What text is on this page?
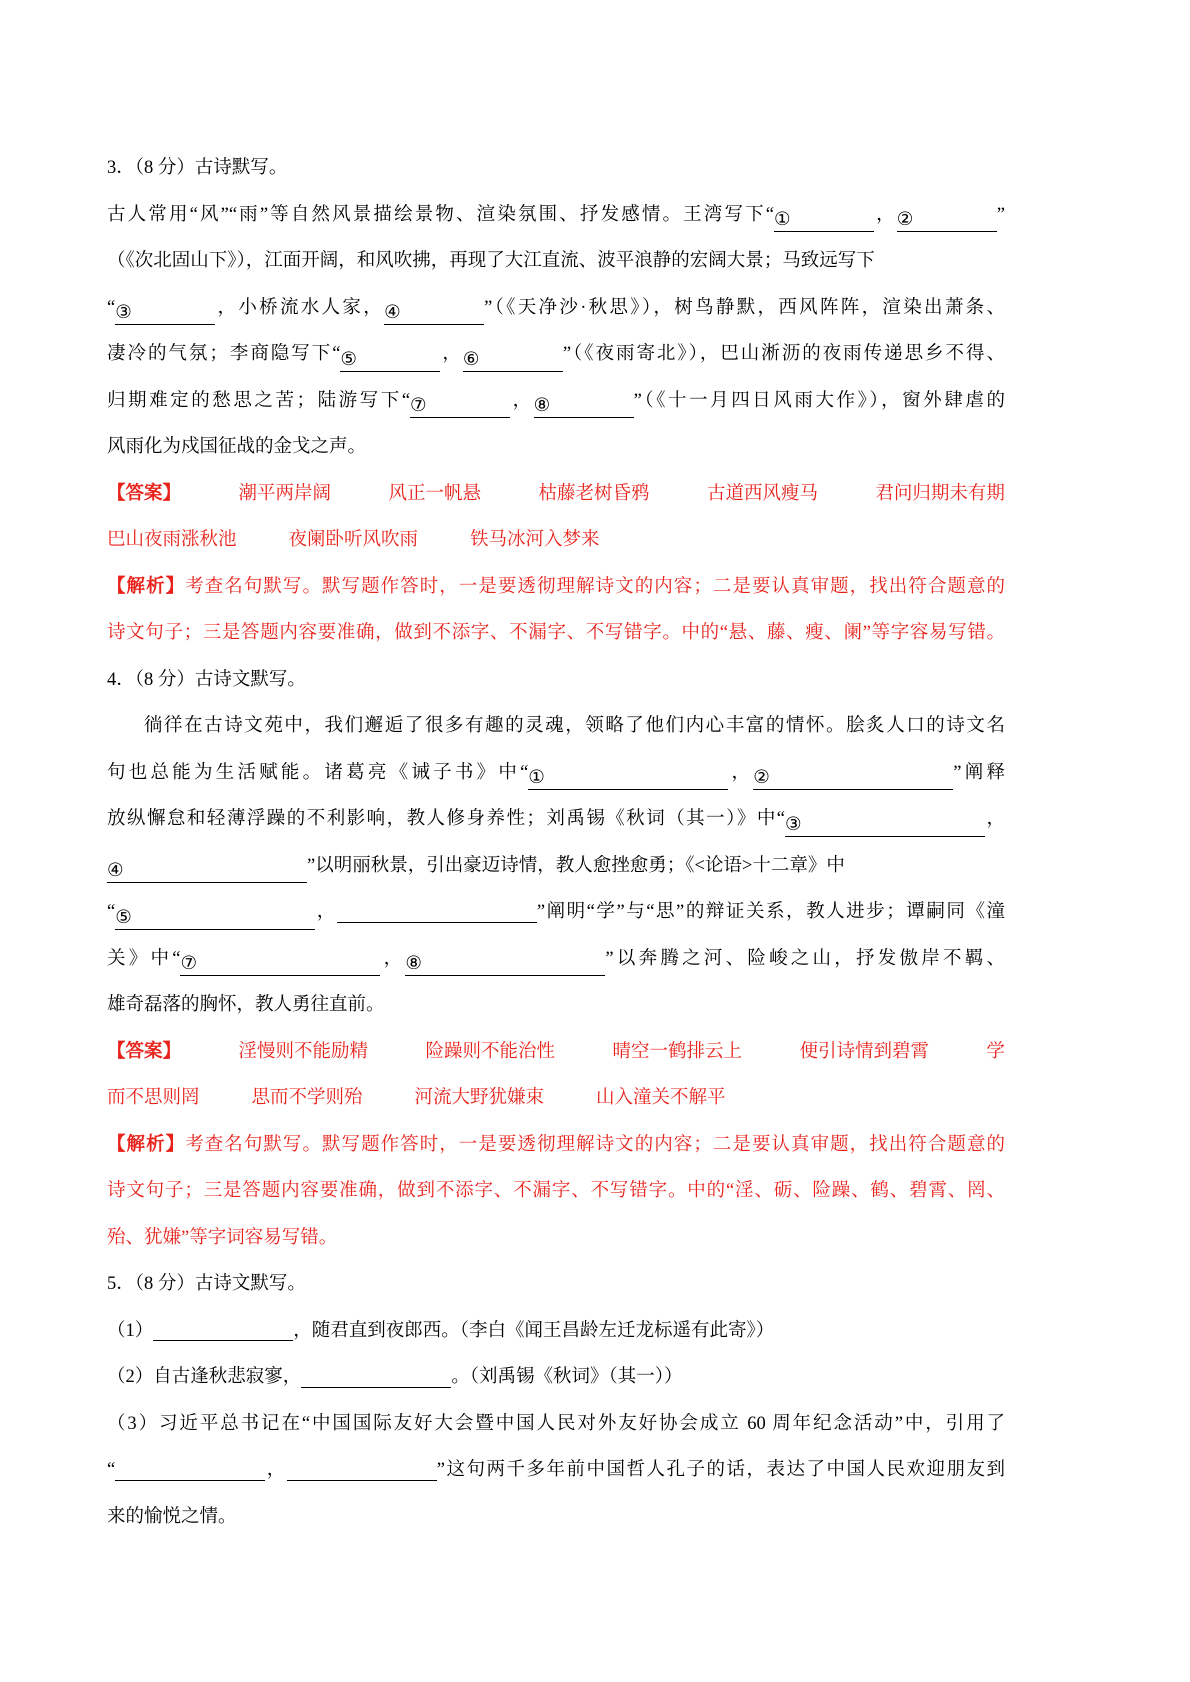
3．（8 分）古诗默写。
古人常用“风”“雨”等自然风景描绘景物、渲染氛围、抒发感情。王湾写下“①	，②	”
（《次北固山下》），江面开阔，和风吹拂，再现了大江直流、波平浪静的宏阔大景；马致远写下
“③	，小桥流水人家，④	”（《天净沙·秋思》），树鸟静默，西风阵阵，渲染出萧条、
凄冷的气氛；李商隐写下“⑤	，⑥	”（《夜雨寄北》），巴山淅沥的夜雨传递思乡不得、
归期难定的愁思之苦；陆游写下“⑦	，⑧	”（《十一月四日风雨大作》），窗外肆虐的
风雨化为戍国征战的金戈之声。
【答案】	潮平两岸阔	风正一帆悬	枯藤老树昏鸦	古道西风瘦马	君问归期未有期
巴山夜雨涨秋池	夜阑卧听风吹雨	铁马冰河入梦来
【解析】考查名句默写。默写题作答时，一是要透彻理解诗文的内容；二是要认真审题，找出符合题意的
诗文句子；三是答题内容要准确，做到不添字、不漏字、不写错字。中的“悬、藤、瘦、阑”等字容易写错。
4．（8 分）古诗文默写。
徜徉在古诗文苑中，我们邂逅了很多有趣的灵魂，领略了他们内心丰富的情怀。脍炙人口的诗文名
句也总能为生活赋能。诸葛亮《诫子书》中“①	，②	”阐释
放纵懈怠和轻薄浮躁的不利影响，教人修身养性；刘禹锡《秋词（其一）》中“③	，
④	”以明丽秋景，引出豪迈诗情，教人愈挫愈勇；《<论语>十二章》中
“⑤	，	”阐明“学”与“思”的辩证关系，教人进步；谭嗣同《潼
关》中“⑦	，⑧	”以奔腾之河、险峻之山，抒发傲岸不羁、
雄奇磊落的胸怀，教人勇往直前。
【答案】	淫慢则不能励精	险躁则不能治性	晴空一鹤排云上	便引诗情到碧霄	学
而不思则罔	思而不学则殆	河流大野犹嫌束	山入潼关不解平
【解析】考查名句默写。默写题作答时，一是要透彻理解诗文的内容；二是要认真审题，找出符合题意的
诗文句子；三是答题内容要准确，做到不添字、不漏字、不写错字。中的“淫、砺、险躁、鹤、碧霄、罔、
殆、犹嫌”等字词容易写错。
5．（8 分）古诗文默写。
（1）	，随君直到夜郎西。（李白《闻王昌龄左迁龙标遥有此寄》）
（2）自古逢秋悲寂寥，	。（刘禹锡《秋词》（其一））
（3）习近平总书记在“中国国际友好大会暨中国人民对外友好协会成立 60 周年纪念活动”中，引用了
“	，	”这句两千多年前中国哲人孔子的话，表达了中国人民欢迎朋友到
来的愉悦之情。
